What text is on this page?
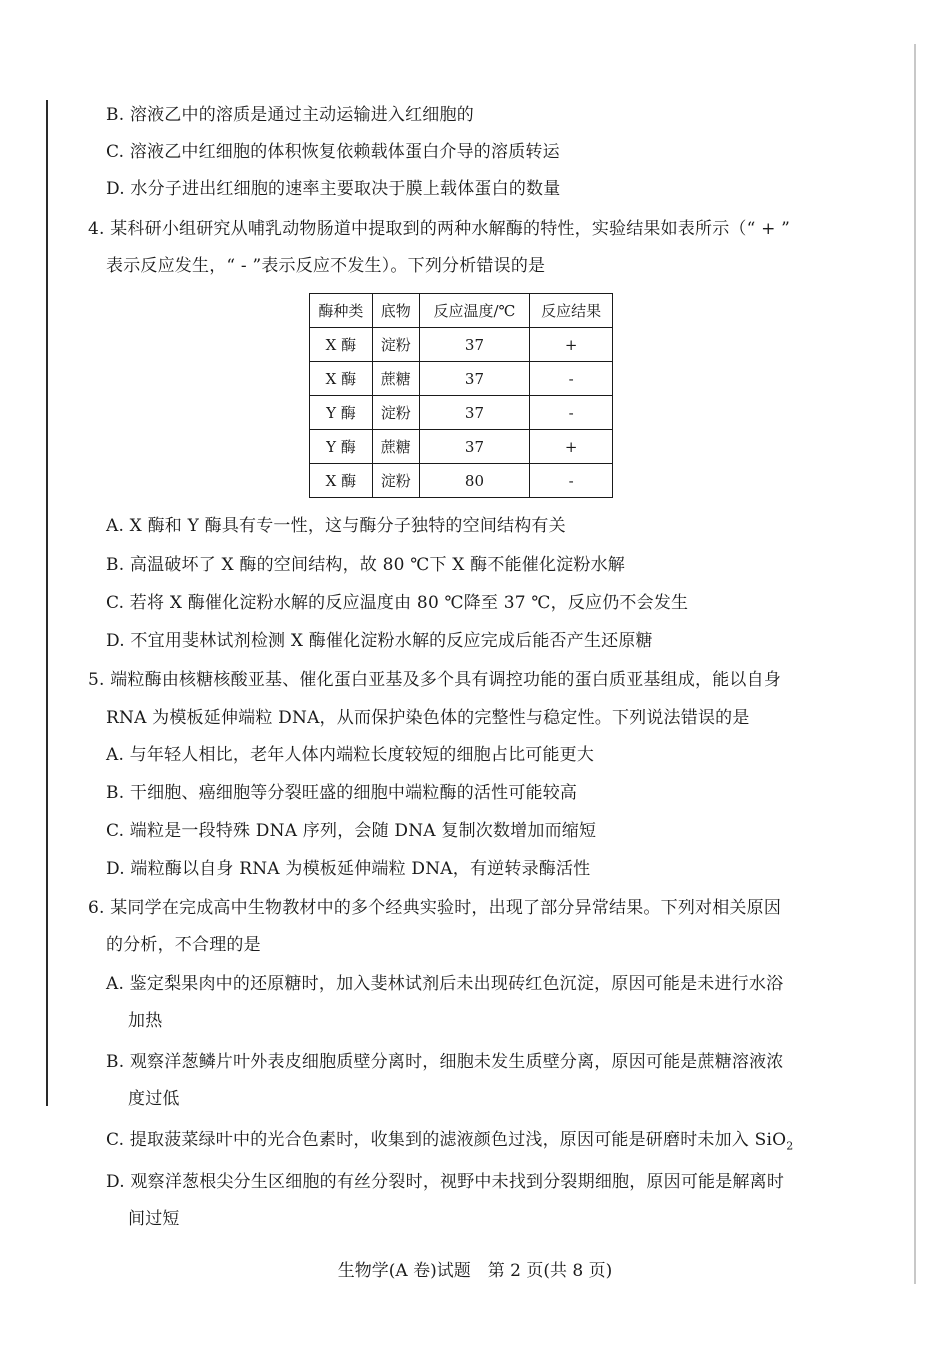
B. 溶液乙中的溶质是通过主动运输进入红细胞的
C. 溶液乙中红细胞的体积恢复依赖载体蛋白介导的溶质转运
D. 水分子进出红细胞的速率主要取决于膜上载体蛋白的数量
4. 某科研小组研究从哺乳动物肠道中提取到的两种水解酶的特性，实验结果如表所示（“ + ”
表示反应发生，“ - ”表示反应不发生）。下列分析错误的是
酶种类	底物	反应温度/℃	反应结果
X 酶	淀粉	37	+
X 酶	蔗糖	37	-
Y 酶	淀粉	37	-
Y 酶	蔗糖	37	+
X 酶	淀粉	80	-
A. X 酶和 Y 酶具有专一性，这与酶分子独特的空间结构有关
B. 高温破坏了 X 酶的空间结构，故 80 ℃下 X 酶不能催化淀粉水解
C. 若将 X 酶催化淀粉水解的反应温度由 80 ℃降至 37 ℃，反应仍不会发生
D. 不宜用斐林试剂检测 X 酶催化淀粉水解的反应完成后能否产生还原糖
5. 端粒酶由核糖核酸亚基、催化蛋白亚基及多个具有调控功能的蛋白质亚基组成，能以自身
RNA 为模板延伸端粒 DNA，从而保护染色体的完整性与稳定性。下列说法错误的是
A. 与年轻人相比，老年人体内端粒长度较短的细胞占比可能更大
B. 干细胞、癌细胞等分裂旺盛的细胞中端粒酶的活性可能较高
C. 端粒是一段特殊 DNA 序列，会随 DNA 复制次数增加而缩短
D. 端粒酶以自身 RNA 为模板延伸端粒 DNA，有逆转录酶活性
6. 某同学在完成高中生物教材中的多个经典实验时，出现了部分异常结果。下列对相关原因
的分析，不合理的是
A. 鉴定梨果肉中的还原糖时，加入斐林试剂后未出现砖红色沉淀，原因可能是未进行水浴
加热
B. 观察洋葱鳞片叶外表皮细胞质壁分离时，细胞未发生质壁分离，原因可能是蔗糖溶液浓
度过低
C. 提取菠菜绿叶中的光合色素时，收集到的滤液颜色过浅，原因可能是研磨时未加入 SiO$_2$
D. 观察洋葱根尖分生区细胞的有丝分裂时，视野中未找到分裂期细胞，原因可能是解离时
间过短
生物学(A 卷)试题　第 2 页(共 8 页)
